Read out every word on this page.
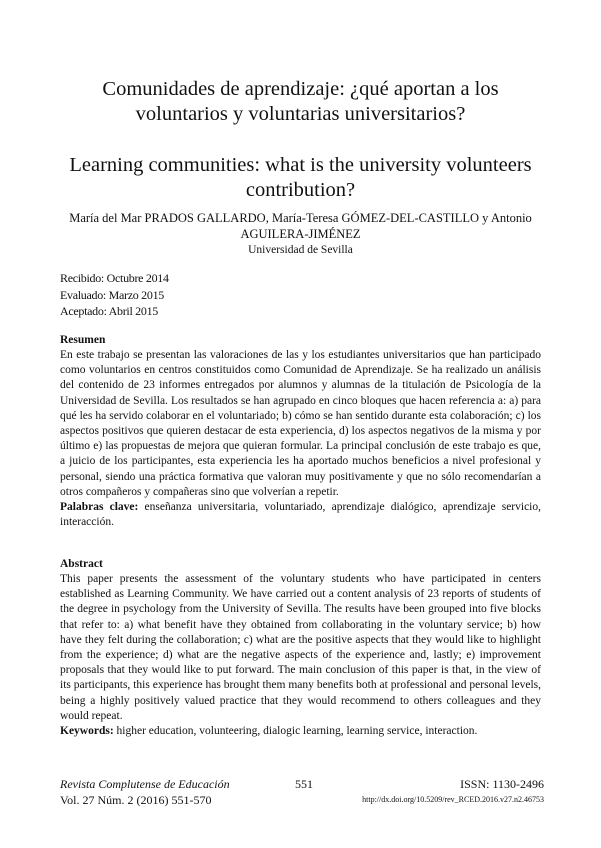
Comunidades de aprendizaje: ¿qué aportan a los voluntarios y voluntarias universitarios?
Learning communities: what is the university volunteers contribution?
María del Mar PRADOS GALLARDO, María-Teresa GÓMEZ-DEL-CASTILLO y Antonio AGUILERA-JIMÉNEZ
Universidad de Sevilla
Recibido: Octubre 2014
Evaluado: Marzo 2015
Aceptado: Abril 2015
Resumen

En este trabajo se presentan las valoraciones de las y los estudiantes universitarios que han participado como voluntarios en centros constituidos como Comunidad de Aprendizaje. Se ha realizado un análisis del contenido de 23 informes entregados por alumnos y alumnas de la titulación de Psicología de la Universidad de Sevilla. Los resultados se han agrupado en cinco bloques que hacen referencia a: a) para qué les ha servido colaborar en el voluntariado; b) cómo se han sentido durante esta colaboración; c) los aspectos positivos que quieren destacar de esta experiencia, d) los aspectos negativos de la misma y por último e) las propuestas de mejora que quieran formular. La principal conclusión de este trabajo es que, a juicio de los participantes, esta experiencia les ha aportado muchos beneficios a nivel profesional y personal, siendo una práctica formativa que valoran muy positivamente y que no sólo recomendarían a otros compañeros y compañeras sino que volverían a repetir.

Palabras clave: enseñanza universitaria, voluntariado, aprendizaje dialógico, aprendizaje servicio, interacción.

Abstract

This paper presents the assessment of the voluntary students who have participated in centers established as Learning Community. We have carried out a content analysis of 23 reports of students of the degree in psychology from the University of Sevilla. The results have been grouped into five blocks that refer to: a) what benefit have they obtained from collaborating in the voluntary service; b) how have they felt during the collaboration; c) what are the positive aspects that they would like to highlight from the experience; d) what are the negative aspects of the experience and, lastly; e) improvement proposals that they would like to put forward. The main conclusion of this paper is that, in the view of its participants, this experience has brought them many benefits both at professional and personal levels, being a highly positively valued practice that they would recommend to others colleagues and they would repeat.

Keywords: higher education, volunteering, dialogic learning, learning service, interaction.

Revista Complutense de Educación
Vol. 27 Núm. 2 (2016) 551-570
551	ISSN: 1130-2496
http://dx.doi.org/10.5209/rev_RCED.2016.v27.n2.46753
